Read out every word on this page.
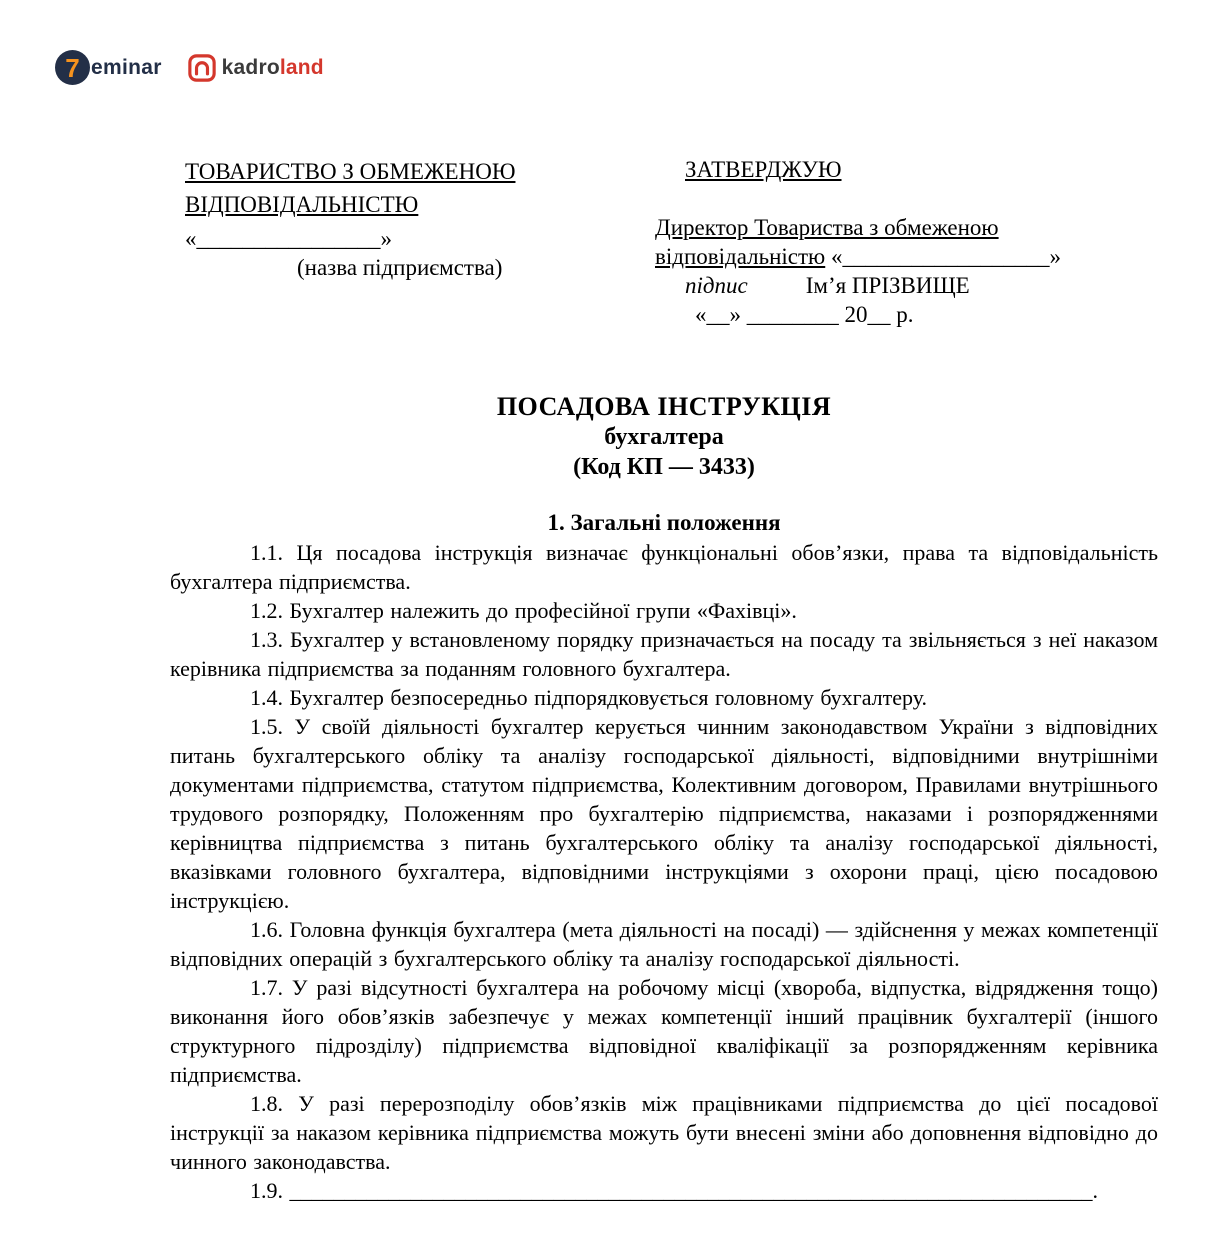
7 eminar	kadroland
ТОВАРИСТВО З ОБМЕЖЕНОЮ ВІДПОВІДАЛЬНІСТЮ
«________________»
(назва підприємства)
ЗАТВЕРДЖУЮ
Директор Товариства з обмеженою відповідальністю «__________________»
підпис	Ім’я ПРІЗВИЩЕ
«__» ________ 20__ р.
ПОСАДОВА ІНСТРУКЦІЯ
бухгалтера
(Код КП — 3433)
1. Загальні положення

1.1. Ця посадова інструкція визначає функціональні обов’язки, права та відповідальність бухгалтера підприємства.

1.2. Бухгалтер належить до професійної групи «Фахівці».

1.3. Бухгалтер у встановленому порядку призначається на посаду та звільняється з неї наказом керівника підприємства за поданням головного бухгалтера.

1.4. Бухгалтер безпосередньо підпорядковується головному бухгалтеру.

1.5. У своїй діяльності бухгалтер керується чинним законодавством України з відповідних питань бухгалтерського обліку та аналізу господарської діяльності, відповідними внутрішніми документами підприємства, статутом підприємства, Колективним договором, Правилами внутрішнього трудового розпорядку, Положенням про бухгалтерію підприємства, наказами і розпорядженнями керівництва підприємства з питань бухгалтерського обліку та аналізу господарської діяльності, вказівками головного бухгалтера, відповідними інструкціями з охорони праці, цією посадовою інструкцією.

1.6. Головна функція бухгалтера (мета діяльності на посаді) — здійснення у межах компетенції відповідних операцій з бухгалтерського обліку та аналізу господарської діяльності.

1.7. У разі відсутності бухгалтера на робочому місці (хвороба, відпустка, відрядження тощо) виконання його обов’язків забезпечує у межах компетенції інший працівник бухгалтерії (іншого структурного підрозділу) підприємства відповідної кваліфікації за розпорядженням керівника підприємства.

1.8. У разі перерозподілу обов’язків між працівниками підприємства до цієї посадової інструкції за наказом керівника підприємства можуть бути внесені зміни або доповнення відповідно до чинного законодавства.

1.9. _________________________________________________________________________.
